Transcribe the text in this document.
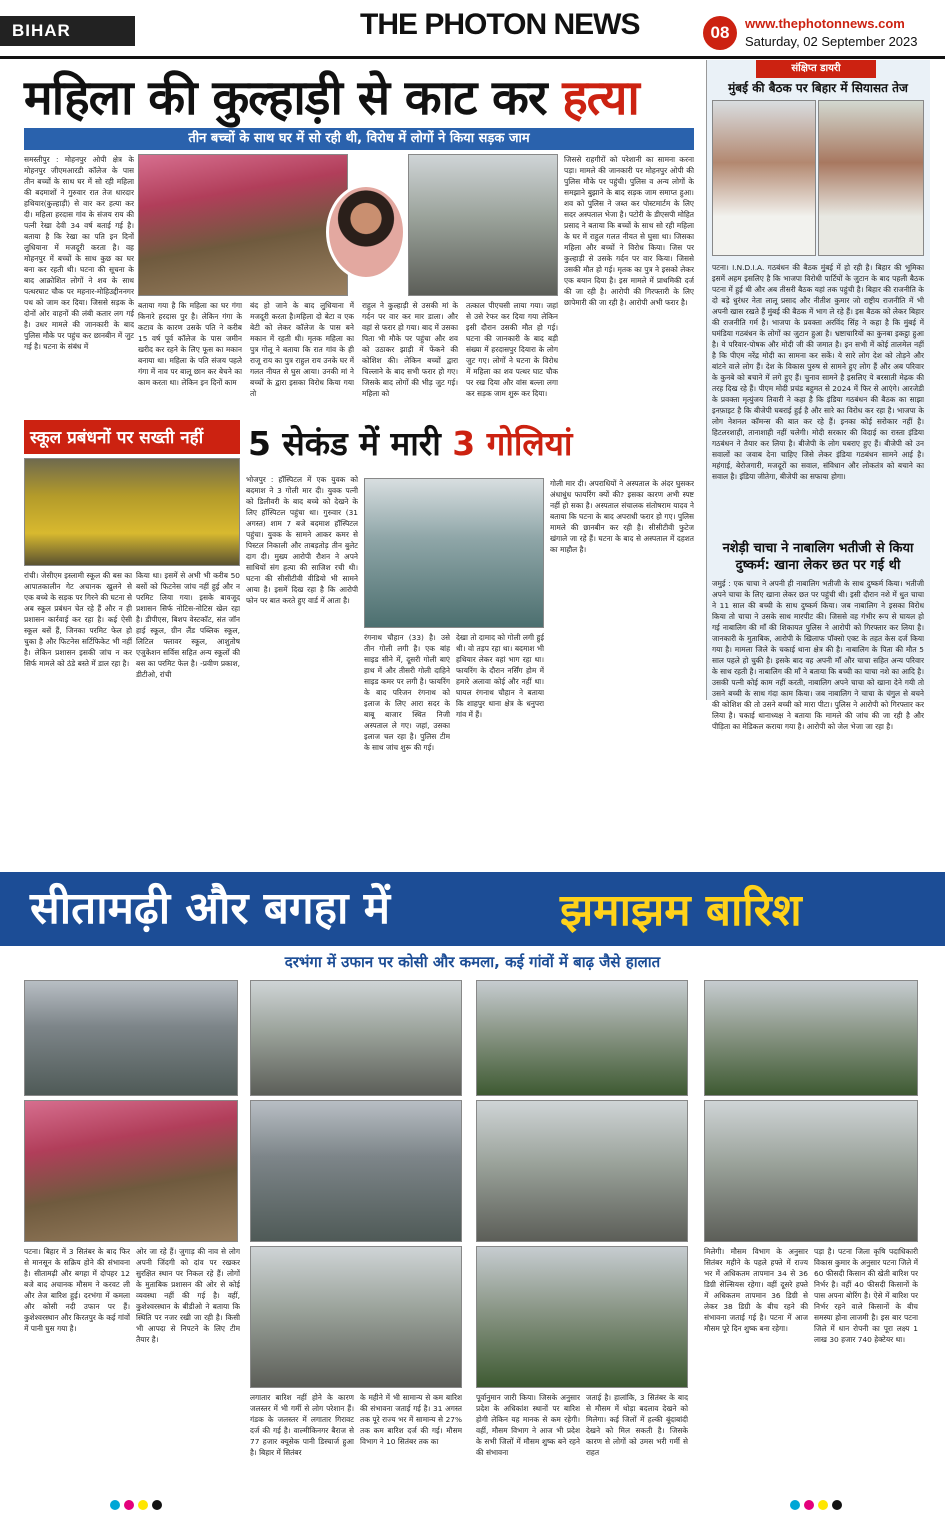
BIHAR	THE PHOTON NEWS	08	www.thephotonnews.com
Saturday, 02 September 2023
महिला की कुल्हाड़ी से काट कर हत्या
तीन बच्चों के साथ घर में सो रही थी, विरोध में लोगों ने किया सड़क जाम
समस्तीपुर : मोहनपुर ओपी क्षेत्र के मोहनपुर जीएमआरडी कॉलेज के पास तीन बच्चों के साथ घर में सो रही महिला की बदमाशों ने गुरुवार रात तेज धारदार हथियार(कुल्हाड़ी) से वार कर हत्या कर दी। महिला हरदास गांव के संजय राय की पत्नी रेखा देवी 34 वर्ष बताई गई है। बताया है कि रेखा का पति इन दिनों लुधियाना में मजदूरी करता है। वह मोहनपुर में बच्चों के साथ कुछ का घर बना कर रहती थी। घटना की सूचना के बाद आक्रोशित लोगों ने शव के साथ पत्थरघाट चौक पर महनार-मोहिउद्दीननगर पथ को जाम कर दिया। जिससे सड़क के दोनों ओर वाहनों की लंबी कतार लग गई है। उधर मामले की जानकारी के बाद पुलिस मौके पर पहुंच कर छानबीन में जुट गई है। घटना के संबंध में
बताया गया है कि महिला का घर गंगा किनारे हरदास पुर है। लेकिन गंगा के कटाव के कारण उसके पति ने करीब 15 वर्ष पूर्व कॉलेज के पास जमीन खरीद कर रहने के लिए फूस का मकान बनाया था। महिला के पति संजय पहले गंगा में नाव पर बालू छान कर बेचने का काम करता था। लेकिन इन दिनों काम
बंद हो जाने के बाद लुधियाना में मजदूरी करता है।महिला दो बेटा व एक बेटी को लेकर कॉलेज के पास बने मकान में रहती थी। मृतक महिला का पुत्र गोलू ने बताया कि रात गांव के ही राजू राय का पुत्र राहुल राय उनके घर में गलत नीयत से घुस आया। उनकी मां ने बच्चों के द्वारा इसका विरोध किया गया तो
राहुल ने कुल्हाड़ी से उसकी मां के गर्दन पर वार कर मार डाला। और वहां से फरार हो गया। बाद में उसका पिता भी मौके पर पहुंचा और शव को उठाकर झाड़ी में फेंकने की कोशिश की। लेकिन बच्चों द्वारा चिल्लाने के बाद सभी फरार हो गए। जिसके बाद लोगों की भीड़ जुट गई। महिला को
तत्काल पीएचसी लाया गया। जहां से उसे रेफर कर दिया गया लेकिन इसी दौरान उसकी मौत हो गई। घटना की जानकारी के बाद बड़ी संख्या में हरदासपुर दियारा के लोग जुट गए। लोगों ने घटना के विरोध में महिला का शव पत्थर घाट चौक पर रख दिया और वांस बल्ला लगा कर सड़क जाम शुरू कर दिया।
जिससे राहगीरों को परेशानी का सामना करना पड़ा। मामले की जानकारी पर मोहनपुर ओपी की पुलिस मौके पर पहुंची। पुलिस व अन्य लोगों के समझाने बुझाने के बाद सड़क जाम समाप्त हुआ। शव को पुलिस ने जब्त कर पोस्टमार्टम के लिए सदर अस्पताल भेजा है। पटोरी के डीएसपी मोहित प्रसाद ने बताया कि बच्चों के साथ सो रही महिला के घर में राहुल गलत नीयत से घुसा था। जिसका महिला और बच्चों ने विरोध किया। जिस पर कुल्हाड़ी से उसके गर्दन पर वार किया। जिससे उसकी मौत हो गई। मृतक का पुत्र ने इसको लेकर एक बयान दिया है। इस मामले में प्राथमिकी दर्ज की जा रही है। आरोपी की गिरफ्तारी के लिए छापेमारी की जा रही है। आरोपी अभी फरार है।
संक्षिप्त डायरी
मुंबई की बैठक पर बिहार में सियासत तेज
पटना। I.N.D.I.A. गठबंधन की बैठक मुंबई में हो रही है। बिहार की भूमिका इसमें अहम इसलिए है कि भाजपा विरोधी पार्टियों के जुटान के बाद पहली बैठक पटना में हुई थी और अब तीसरी बैठक यहां तक पहुंची है। बिहार की राजनीति के दो बड़े धुरंधर नेता लालू प्रसाद और नीतीश कुमार जो राष्ट्रीय राजनीति में भी अपनी खास रखते हैं मुंबई की बैठक में भाग ले रहे हैं। इस बैठक को लेकर बिहार की राजनीति गर्म है। भाजपा के प्रवक्ता अरविंद सिंह ने कहा है कि मुंबई में घमंडिया गठबंधन के लोगों का जुटान हुआ है। भ्रष्टाचारियों का कुनबा इकट्ठा हुआ है। ये परिवार-पोषक और मोदी जी की जमात है। इन सभी में कोई तालमेल नहीं है कि पीएम नरेंद्र मोदी का सामना कर सकें। ये सारे लोग देश को तोड़ने और बांटने वाले लोग हैं। देश के विकास पुरुष से सामने हुए लोग हैं और अब परिवार के कुनबे को बचाने में लगे हुए हैं। चुनाव सामने है इसलिए ये बरसाती मेढ़क की तरह दिख रहे हैं। पीएम मोदी प्रचंड बहुमत से 2024 में फिर से आएंगे। आरजेडी के प्रवक्ता मृत्युंजय तिवारी ने कहा है कि इंडिया गठबंधन की बैठक का साझा इनफ़ाइट है कि बीजेपी घबराई हुई है और सारे का विरोध कर रहा है। भाजपा के लोग नेशनल कॉमन्स की बात कर रहे हैं। इनका कोई सरोकार नहीं है। हिटलरशाही, तानाशाही नहीं चलेगी। मोदी सरकार की विदाई का रास्ता इंडिया गठबंधन ने तैयार कर लिया है। बीजेपी के लोग घबराए हुए हैं। बीजेपी को उन सवालों का जवाब देना चाहिए जिसे लेकर इंडिया गठबंधन सामने आई है। महंगाई, बेरोजगारी, मजदूरों का सवाल, संविधान और लोकतंत्र को बचाने का सवाल है। इंडिया जीतेगा, बीजेपी का सफाया होगा।
नशेड़ी चाचा ने नाबालिग भतीजी से किया दुष्कर्म: खाना लेकर छत पर गई थी
जमुई : एक चाचा ने अपनी ही नाबालिग भतीजी के साथ दुष्कर्म किया। भतीजी अपने चाचा के लिए खाना लेकर छत पर पहुंची थी। इसी दौरान नशे में धुत चाचा ने 11 साल की बच्ची के साथ दुष्कर्म किया। जब नाबालिग ने इसका विरोध किया तो चाचा ने उसके साथ मारपीट की। जिससे वह गंभीर रूप से घायल हो गई नाबालिग की माँ की शिकायत पुलिस ने आरोपी को गिरफ्तार कर लिया है। जानकारी के मुताबिक, आरोपी के खिलाफ पॉक्सो एक्ट के तहत केस दर्ज किया गया है। मामला जिले के चकाई थाना क्षेत्र की है। नाबालिग के पिता की मौत 5 साल पहले हो चुकी है। इसके बाद वह अपनी माँ और चाचा सहित अन्य परिवार के साथ रहती है। नाबालिग की माँ ने बताया कि बच्ची का चाचा नशे का आदि है। उसकी पत्नी कोई काम नहीं करती, नाबालिग अपने चाचा को खाना देने गयी तो उसने बच्ची के साथ गंदा काम किया। जब नाबालिग ने चाचा के चंगुल से बचने की कोशिश की तो उसने बच्ची को मारा पीटा। पुलिस ने आरोपी को गिरफ्तार कर लिया है। चकाई थानाध्यक्ष ने बताया कि मामले की जांच की जा रही है और पीड़िता का मेडिकल कराया गया है। आरोपी को जेल भेजा जा रहा है।
स्कूल प्रबंधनों पर सख्ती नहीं
रांची। जेसीएम इस्लामी स्कूल की बस का आपातकालीन गेट अचानक खुलने से एक बच्चे के सड़क पर गिरने की घटना से अब स्कूल प्रबंधन चेत रहे हैं और न ही प्रशासन कार्रवाई कर रहा है। कई ऐसी स्कूल बसें हैं, जिनका परमिट फेल हो चुका है और फिटनेस सर्टिफिकेट भी नहीं है। लेकिन प्रशासन इसकी जांच न कर सिर्फ मामले को ठंडे बस्ते में डाल रहा है।
किया था। इसमें से अभी भी करीब 50 बसों को फिटनेस जांच नहीं हुई और न परमिट लिया गया। इसके बावजूद प्रशासन सिर्फ नोटिस-नोटिस खेल रहा है। डीपीएस, बिशप वेस्टकॉट, संत जॉन हाई स्कूल, ग्रीन लैंड पब्लिक स्कूल, लिटिल फ्लावर स्कूल, आशुतोष एजुकेशन सर्विस सहित अन्य स्कूलों की बस का परमिट फेल है। -प्रवीण प्रकाश, डीटीओ, रांची
5 सेकंड में मारी 3 गोलियां
भोजपुर : हॉस्पिटल में एक युवक को बदमाश ने 3 गोली मार दी। युवक पत्नी को डिलीवरी के बाद बच्चे को देखने के लिए हॉस्पिटल पहुंचा था। गुरुवार (31 अगस्त) शाम 7 बजे बदमाश हॉस्पिटल पहुंचा। युवक के सामने आकर कमर से पिस्टल निकाली और ताबड़तोड़ तीन बुलेट दाग दी। मुख्य आरोपी रौशन ने अपने साथियों संग हत्या की साजिश रची थी। घटना की सीसीटीवी वीडियो भी सामने आया है। इसमें दिख रहा है कि आरोपी फोन पर बात करते हुए वार्ड में आता है।
रंगनाथ चौहान (33) है। उसे तीन गोली लगी है। एक बांह साइड सीने में, दूसरी गोली बाएं हाथ में और तीसरी गोली दाहिने साइड कमर पर लगी है। फायरिंग के बाद परिजन रंगनाथ को इलाज के लिए आरा सदर के बाबू बाजार स्थित निजी अस्पताल ले गए। जहां, उसका इलाज चल रहा है। पुलिस टीम के साथ जांच शुरू की गई।
देखा तो दामाद को गोली लगी हुई थी। वो तड़प रहा था। बदमाश भी हथियार लेकर वहां भाग रहा था। फायरिंग के दौरान नर्सिंग होम में हमारे अलावा कोई और नहीं था। घायल रंगनाथ चौहान ने बताया कि शाहपुर थाना क्षेत्र के धनुपरा गांव में हैं।
गोली मार दी। अपराधियों ने अस्पताल के अंदर घुसकर अंधाधुंध फायरिंग क्यों की? इसका कारण अभी स्पष्ट नहीं हो सका है। अस्पताल संचालक संतोषराम यादव ने बताया कि घटना के बाद अपराधी फरार हो गए। पुलिस मामले की छानबीन कर रही है। सीसीटीवी फुटेज खंगाले जा रहे हैं। घटना के बाद से अस्पताल में दहशत का माहौल है।
सीतामढ़ी और बगहा में	झमाझम बारिश
दरभंगा में उफान पर कोसी और कमला, कई गांवों में बाढ़ जैसे हालात
पटना। बिहार में 3 सितंबर के बाद फिर से मानसून के सक्रिय होने की संभावना है। सीतामढ़ी और बगहा में दोपहर 12 बजे बाद अचानक मौसम ने करवट ली और तेज बारिश हुई। दरभंगा में कमला और कोसी नदी उफान पर हैं। कुशेश्वरस्थान और किरतपुर के कई गांवों में पानी घुस गया है।
ओर जा रहे हैं। जुगाड़ की नाव से लोग अपनी जिंदगी को दांव पर रखकर सुरक्षित स्थान पर निकल रहे हैं। लोगों के मुताबिक प्रशासन की ओर से कोई व्यवस्था नहीं की गई है। वहीं, कुशेश्वरस्थान के बीडीओ ने बताया कि स्थिति पर नजर रखी जा रही है। किसी भी आपदा से निपटने के लिए टीम तैयार है।
लगातार बारिश नहीं होने के कारण जलस्तर में भी गर्मी से लोग परेशान हैं। गंडक के जलस्तर में लगातार गिरावट दर्ज की गई है। वाल्मीकिनगर बैराज से 77 हजार क्यूसेक पानी डिस्चार्ज हुआ है। बिहार में सितंबर
के महीने में भी सामान्य से कम बारिश की संभावना जताई गई है। 31 अगस्त तक पूरे राज्य भर में सामान्य से 27% तक कम बारिश दर्ज की गई। मौसम विभाग ने 10 सितंबर तक का
पूर्वानुमान जारी किया। जिसके अनुसार प्रदेश के अधिकांश स्थानों पर बारिश होगी लेकिन यह मानक से कम रहेगी। वहीं, मौसम विभाग ने आज भी प्रदेश के सभी जिलों में मौसम शुष्क बने रहने की संभावना
जताई है। हालांकि, 3 सितंबर के बाद से मौसम में थोड़ा बदलाव देखने को मिलेगा। कई जिलों में हल्की बूंदाबांदी देखने को मिल सकती है। जिसके कारण से लोगों को उमस भरी गर्मी से राहत
मिलेगी। मौसम विभाग के अनुसार सितंबर महीने के पहले हफ्ते में राज्य भर में अधिकतम तापमान 34 से 36 डिग्री सेल्सियस रहेगा। वहीं दूसरे हफ्ते में अधिकतम तापमान 36 डिग्री से लेकर 38 डिग्री के बीच रहने की संभावना जताई गई है। पटना में आज मौसम पूरे दिन शुष्क बना रहेगा।
पड़ा है। पटना जिला कृषि पदाधिकारी विकास कुमार के अनुसार पटना जिले में 60 फीसदी किसान की खेती बारिश पर निर्भर है। वहीं 40 फीसदी किसानों के पास अपना बोरिंग है। ऐसे में बारिश पर निर्भर रहने वाले किसानों के बीच समस्या होना लाजमी है। इस बार पटना जिले में धान रोपनी का पूरा लक्ष्य 1 लाख 30 हजार 740 हेक्टेयर था।
